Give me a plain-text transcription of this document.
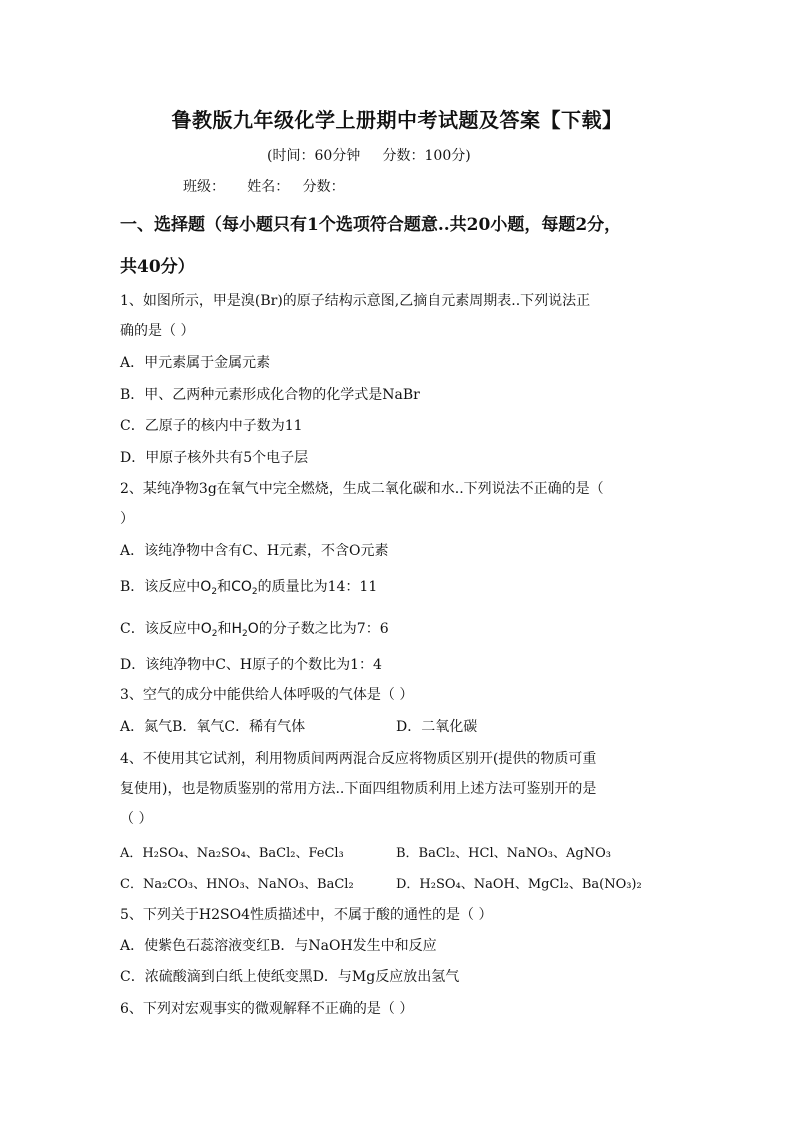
鲁教版九年级化学上册期中考试题及答案【下载】
(时间：60分钟     分数：100分)
班级：     姓名：   分数：
一、选择题（每小题只有1个选项符合题意..共20小题，每题2分，
共40分）
1、如图所示，甲是溴(Br)的原子结构示意图,乙摘自元素周期表..下列说法正
确的是（ ）
A．甲元素属于金属元素
B．甲、乙两种元素形成化合物的化学式是NaBr
C．乙原子的核内中子数为11
D．甲原子核外共有5个电子层
2、某纯净物3g在氧气中完全燃烧，生成二氧化碳和水..下列说法不正确的是（
）
A．该纯净物中含有C、H元素，不含O元素
B．该反应中$O_2$和$CO_2$的质量比为14：11
C．该反应中$O_2$和$H_2O$的分子数之比为7：6
D．该纯净物中C、H原子的个数比为1：4
3、空气的成分中能供给人体呼吸的气体是（ ）
A．氮气B．氧气C．稀有气体	D．二氧化碳
4、不使用其它试剂，利用物质间两两混合反应将物质区别开(提供的物质可重
复使用)，也是物质鉴别的常用方法..下面四组物质利用上述方法可鉴别开的是
（ ）
A．H₂SO₄、Na₂SO₄、BaCl₂、FeCl₃	B．BaCl₂、HCl、NaNO₃、AgNO₃
C．Na₂CO₃、HNO₃、NaNO₃、BaCl₂	D．H₂SO₄、NaOH、MgCl₂、Ba(NO₃)₂
5、下列关于H2SO4性质描述中，不属于酸的通性的是（ ）
A．使紫色石蕊溶液变红B．与NaOH发生中和反应
C．浓硫酸滴到白纸上使纸变黑D．与Mg反应放出氢气
6、下列对宏观事实的微观解释不正确的是（ ）
